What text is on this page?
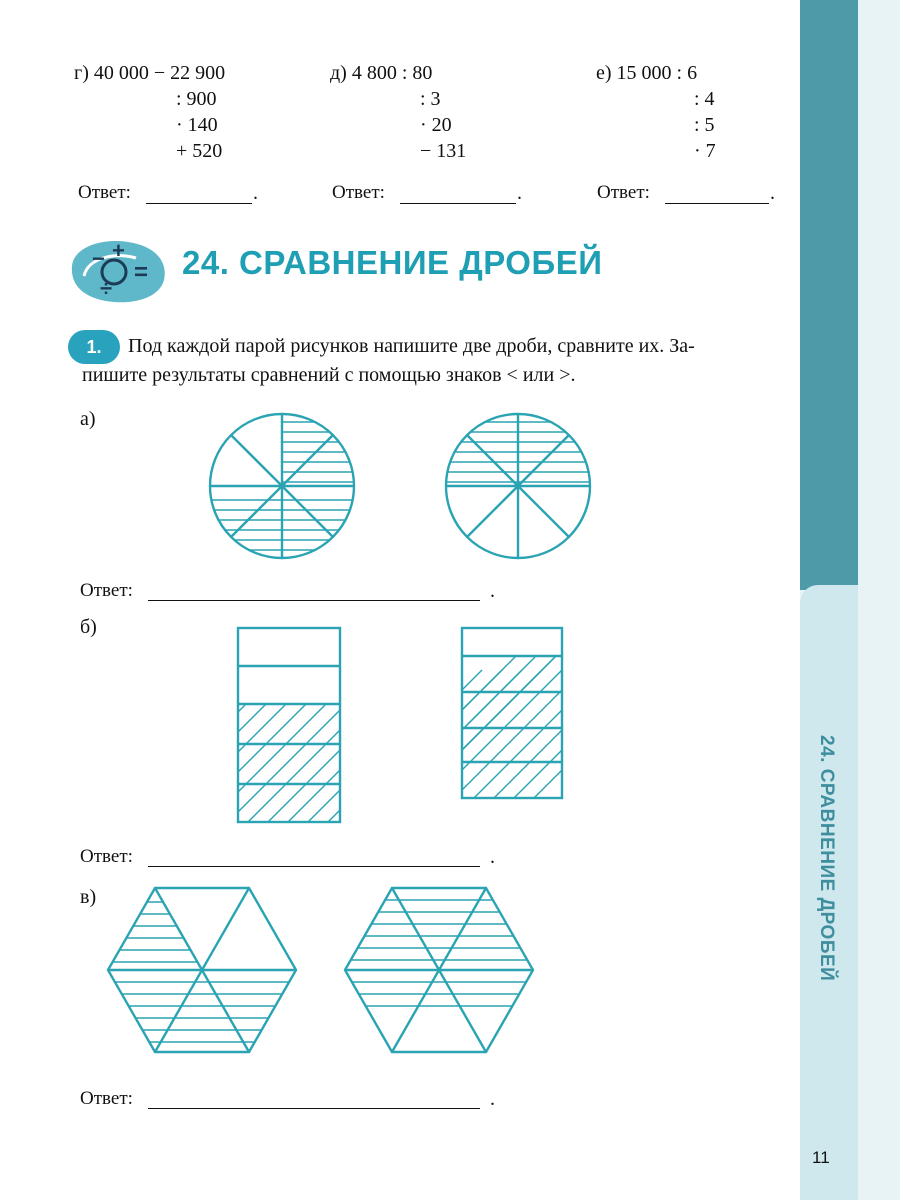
24. СРАВНЕНИЕ ДРОБЕЙ
11
г) 40 000 − 22 900
: 900
· 140
+ 520
д) 4 800 : 80
: 3
· 20
− 131
е) 15 000 : 6
: 4
: 5
· 7
Ответ:	.	Ответ:	.	Ответ:	.
− +
=
÷
24. СРАВНЕНИЕ ДРОБЕЙ
1.	Под каждой парой рисунков напишите две дроби, сравните их. За-
пишите результаты сравнений с помощью знаков < или >.
а)
Ответ:	.
б)
Ответ:	.
в)
Ответ:	.
